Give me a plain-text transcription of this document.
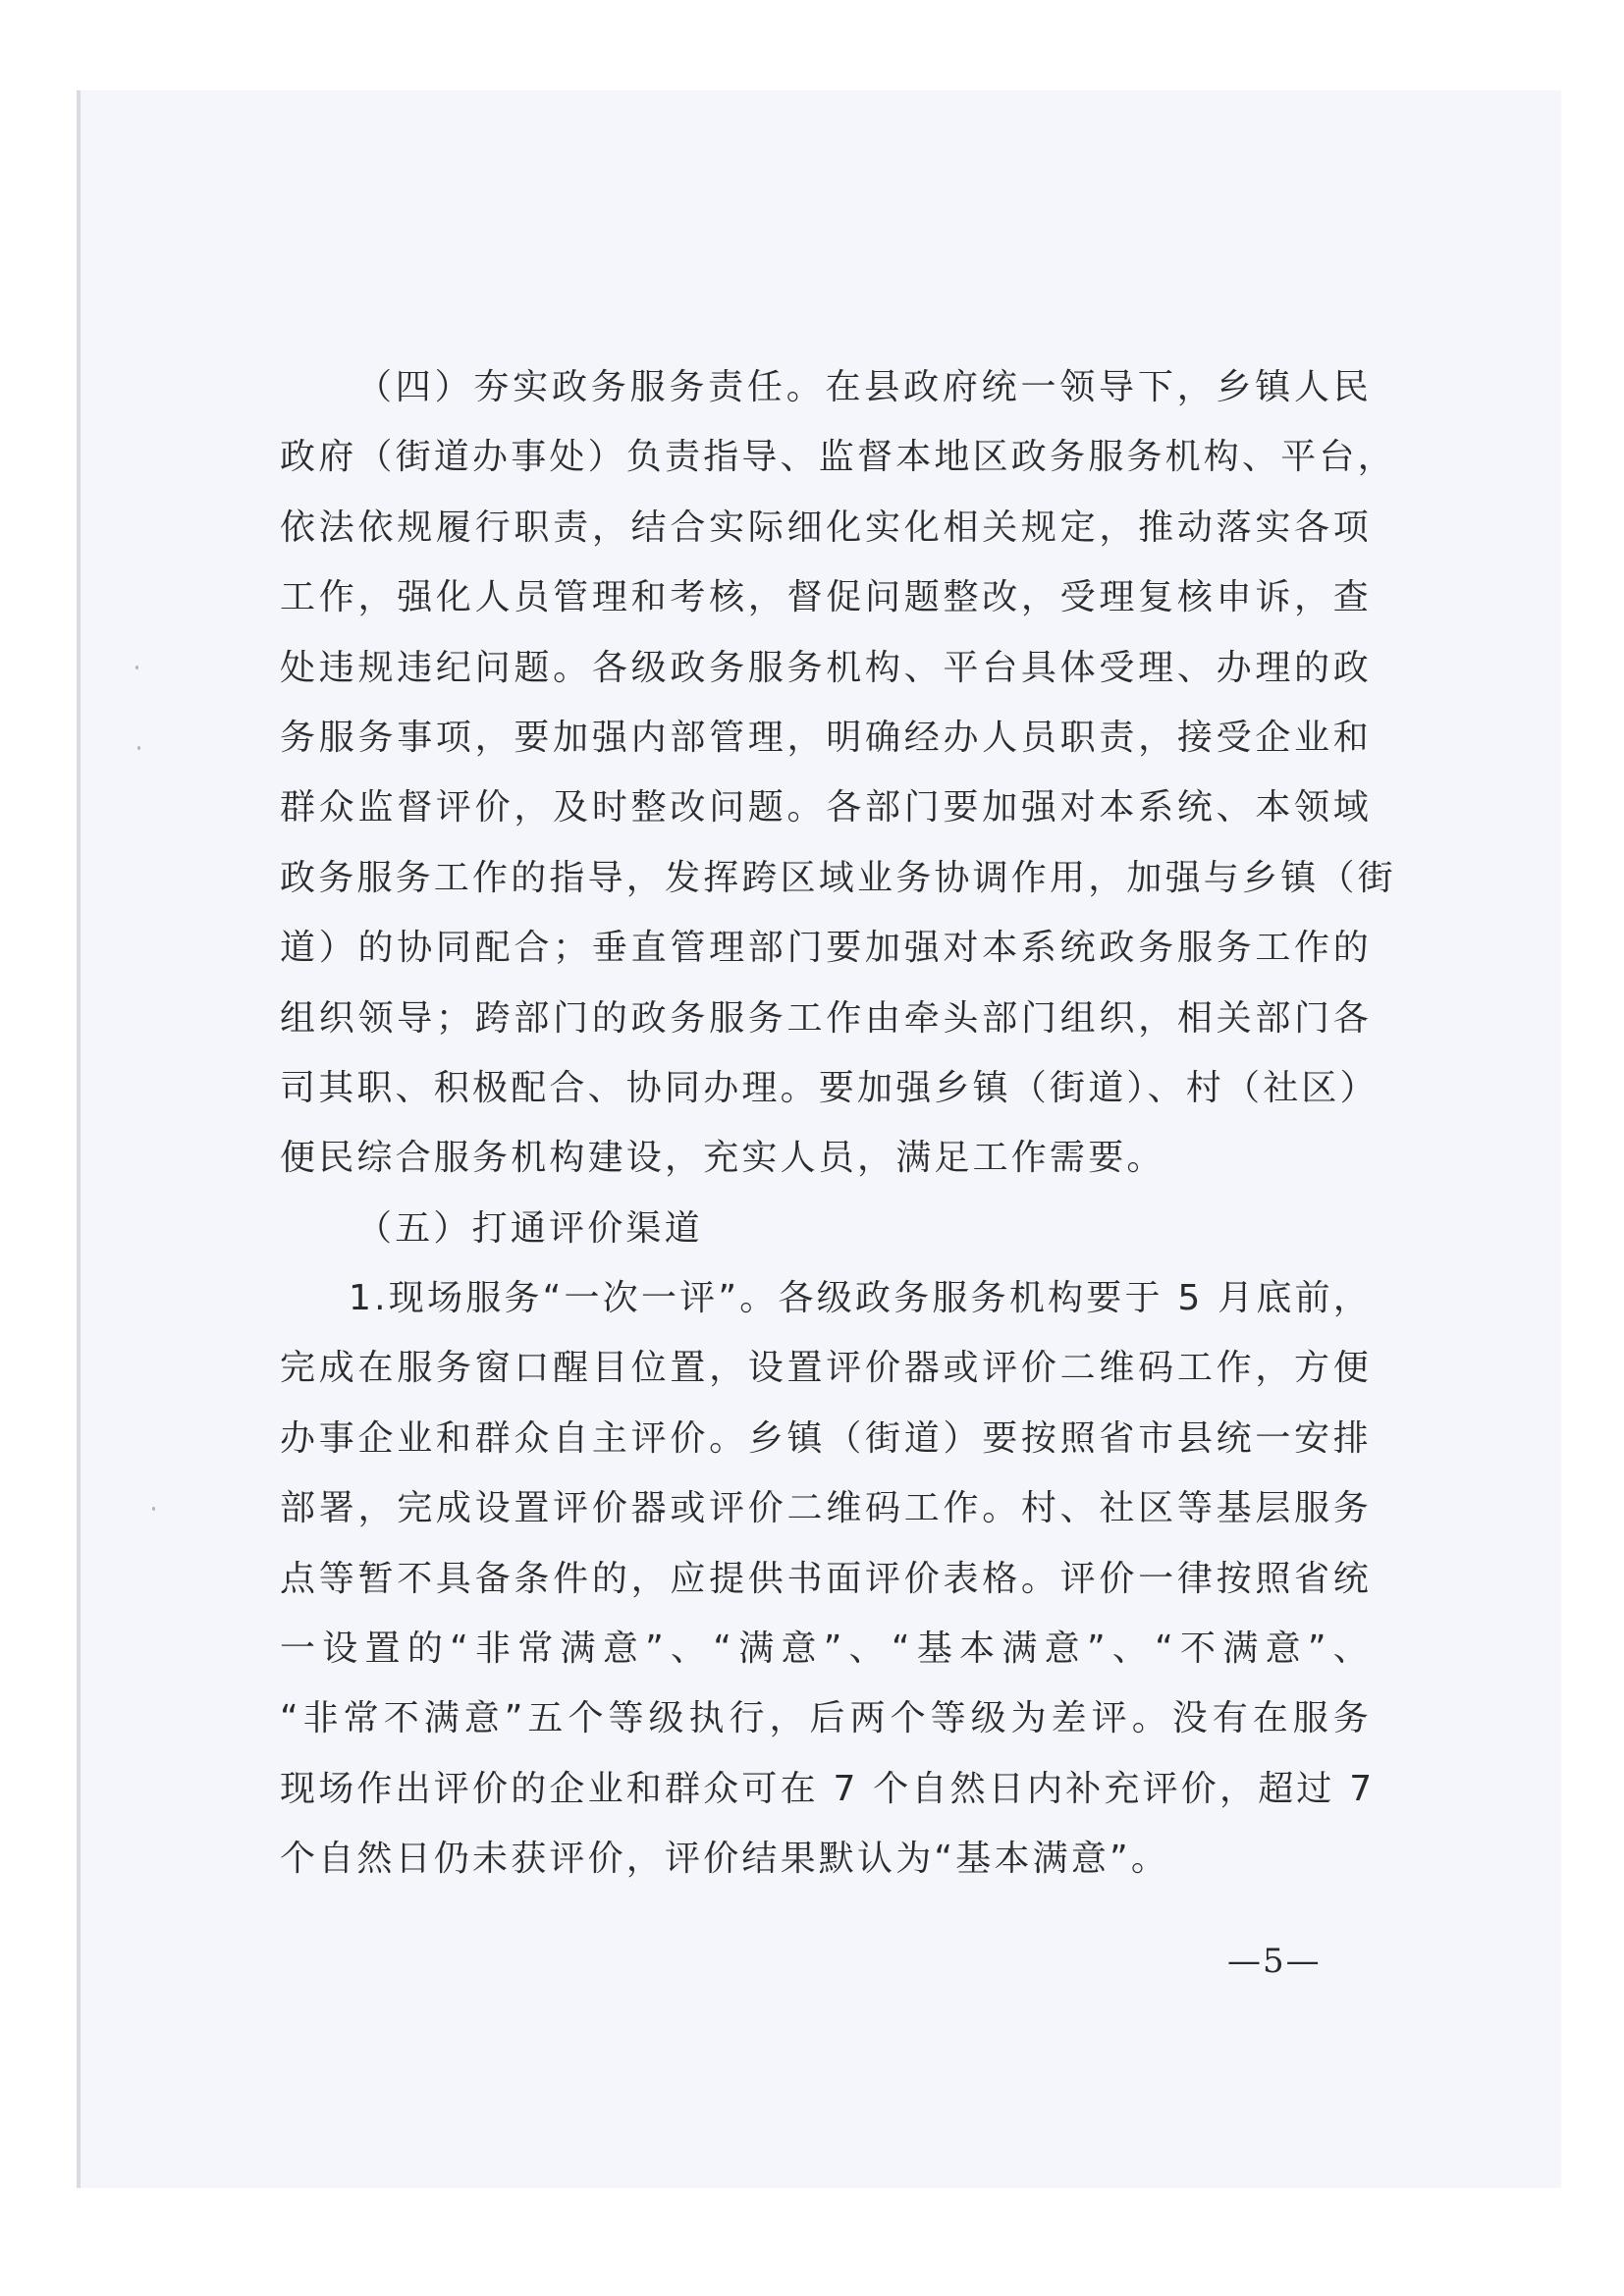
（四）夯实政务服务责任。在县政府统一领导下，乡镇人民
政府（街道办事处）负责指导、监督本地区政务服务机构、平台，
依法依规履行职责，结合实际细化实化相关规定，推动落实各项
工作，强化人员管理和考核，督促问题整改，受理复核申诉，查
处违规违纪问题。各级政务服务机构、平台具体受理、办理的政
务服务事项，要加强内部管理，明确经办人员职责，接受企业和
群众监督评价，及时整改问题。各部门要加强对本系统、本领域
政务服务工作的指导，发挥跨区域业务协调作用，加强与乡镇（街
道）的协同配合；垂直管理部门要加强对本系统政务服务工作的
组织领导；跨部门的政务服务工作由牵头部门组织，相关部门各
司其职、积极配合、协同办理。要加强乡镇（街道）、村（社区）
便民综合服务机构建设，充实人员，满足工作需要。
（五）打通评价渠道
1.现场服务“一次一评”。各级政务服务机构要于 5 月底前，
完成在服务窗口醒目位置，设置评价器或评价二维码工作，方便
办事企业和群众自主评价。乡镇（街道）要按照省市县统一安排
部署，完成设置评价器或评价二维码工作。村、社区等基层服务
点等暂不具备条件的，应提供书面评价表格。评价一律按照省统
一设置的“非常满意”、“满意”、“基本满意”、“不满意”、
“非常不满意”五个等级执行，后两个等级为差评。没有在服务
现场作出评价的企业和群众可在 7 个自然日内补充评价，超过 7
个自然日仍未获评价，评价结果默认为“基本满意”。
—5—
